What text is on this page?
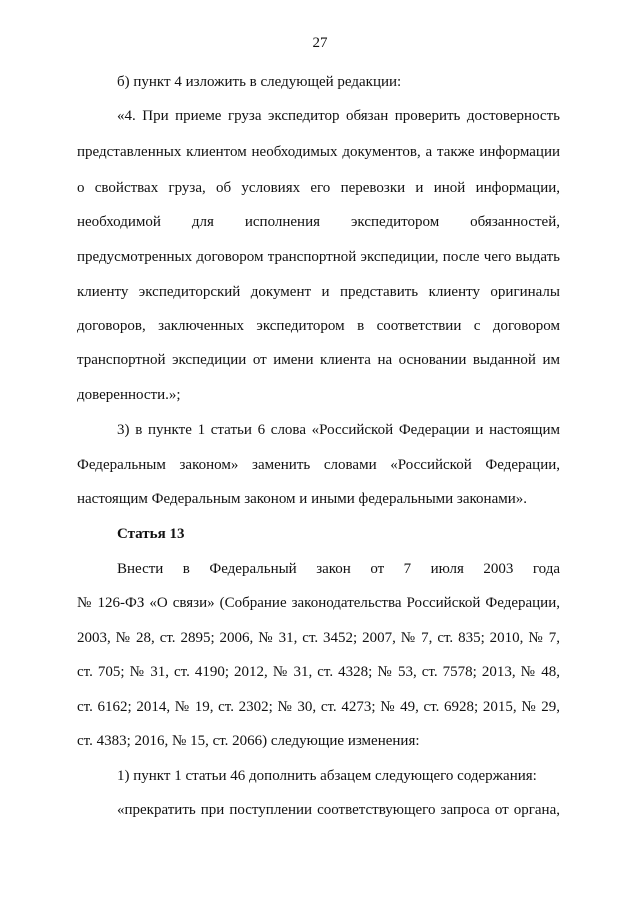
27
б) пункт 4 изложить в следующей редакции:
«4. При приеме груза экспедитор обязан проверить достоверность
представленных клиентом необходимых документов, а также информации
о свойствах груза, об условиях его перевозки и иной информации,
необходимой для исполнения экспедитором обязанностей,
предусмотренных договором транспортной экспедиции, после чего выдать
клиенту экспедиторский документ и представить клиенту оригиналы
договоров, заключенных экспедитором в соответствии с договором
транспортной экспедиции от имени клиента на основании выданной им
доверенности.»;
3) в пункте 1 статьи 6 слова «Российской Федерации и настоящим
Федеральным законом» заменить словами «Российской Федерации,
настоящим Федеральным законом и иными федеральными законами».
Статья 13
Внести в Федеральный закон от 7 июля 2003 года
№ 126-ФЗ «О связи» (Собрание законодательства Российской Федерации,
2003, № 28, ст. 2895; 2006, № 31, ст. 3452; 2007, № 7, ст. 835; 2010, № 7,
ст. 705; № 31, ст. 4190; 2012, № 31, ст. 4328; № 53, ст. 7578; 2013, № 48,
ст. 6162; 2014, № 19, ст. 2302; № 30, ст. 4273; № 49, ст. 6928; 2015, № 29,
ст. 4383; 2016, № 15, ст. 2066) следующие изменения:
1) пункт 1 статьи 46 дополнить абзацем следующего содержания:
«прекратить при поступлении соответствующего запроса от органа,
